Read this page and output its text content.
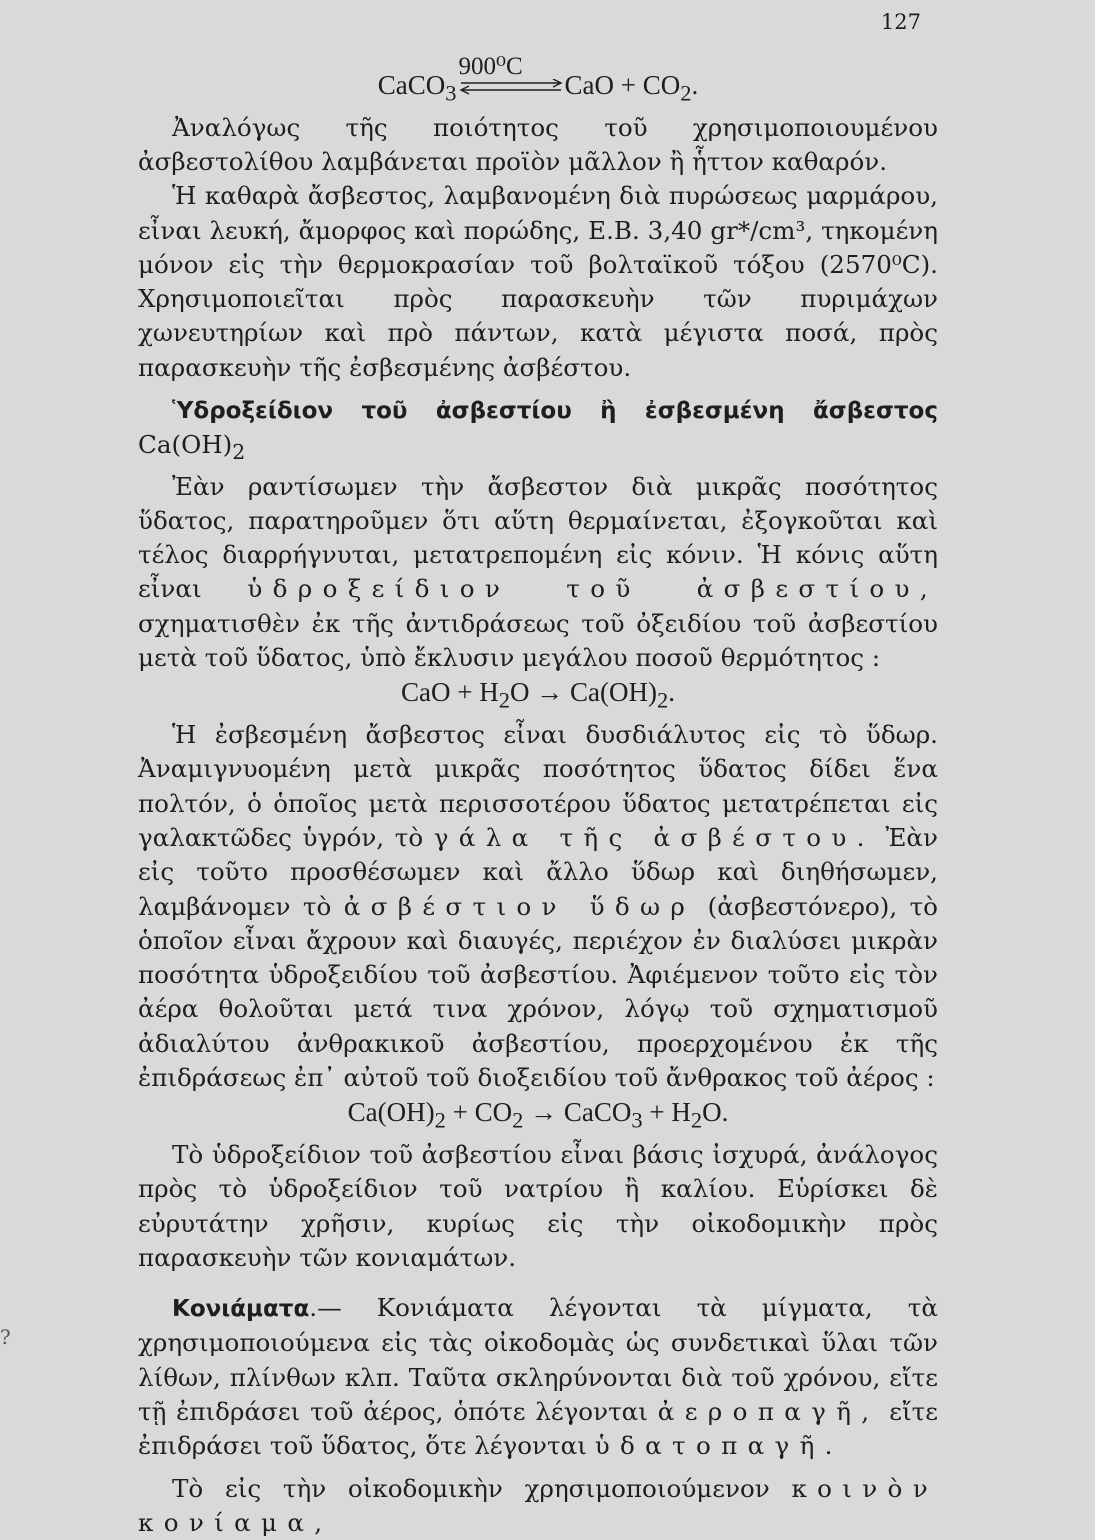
127
?

CaCO$_3$
900⁰C
CaO + $CO_2$.

Ἀναλόγως τῆς ποιότητος τοῦ χρησιμοποιουμένου ἀσβεστολίθου λαμβάνεται προϊὸν μᾶλλον ἢ ἧττον καθαρόν.

Ἡ καθαρὰ ἄσβεστος, λαμβανομένη διὰ πυρώσεως μαρμάρου, εἶναι λευκή, ἄμορφος καὶ πορώδης, Ε.Β. 3,40 gr*/cm³, τηκομένη μόνον εἰς τὴν θερμοκρασίαν τοῦ βολταϊκοῦ τόξου (2570⁰C). Χρησιμοποιεῖται πρὸς παρασκευὴν τῶν πυριμάχων χωνευτηρίων καὶ πρὸ πάντων, κατὰ μέγιστα ποσά, πρὸς παρασκευὴν τῆς ἐσβεσμένης ἀσβέστου.

Ὑδροξείδιον τοῦ ἀσβεστίου ἢ ἐσβεσμένη ἄσβεστος $Ca(OH)_2$

Ἐὰν ραντίσωμεν τὴν ἄσβεστον διὰ μικρᾶς ποσότητος ὕδατος, παρατηροῦμεν ὅτι αὕτη θερμαίνεται, ἐξογκοῦται καὶ τέλος διαρρήγνυται, μετατρεπομένη εἰς κόνιν. Ἡ κόνις αὕτη εἶναι ὑδροξείδιον τοῦ ἀσβεστίου, σχηματισθὲν ἐκ τῆς ἀντιδράσεως τοῦ ὀξειδίου τοῦ ἀσβεστίου μετὰ τοῦ ὕδατος, ὑπὸ ἔκλυσιν μεγάλου ποσοῦ θερμότητος :

CaO + $H_2O \to Ca(OH)_2$.

Ἡ ἐσβεσμένη ἄσβεστος εἶναι δυσδιάλυτος εἰς τὸ ὕδωρ. Ἀναμιγνυομένη μετὰ μικρᾶς ποσότητος ὕδατος δίδει ἕνα πολτόν, ὁ ὁποῖος μετὰ περισσοτέρου ὕδατος μετατρέπεται εἰς γαλακτῶδες ὑγρόν, τὸ γάλα τῆς ἀσβέστου. Ἐὰν εἰς τοῦτο προσθέσωμεν καὶ ἄλλο ὕδωρ καὶ διηθήσωμεν, λαμβάνομεν τὸ ἀσβέστιον ὕδωρ (ἀσβεστόνερο), τὸ ὁποῖον εἶναι ἄχρουν καὶ διαυγές, περιέχον ἐν διαλύσει μικρὰν ποσότητα ὑδροξειδίου τοῦ ἀσβεστίου. Ἀφιέμενον τοῦτο εἰς τὸν ἀέρα θολοῦται μετά τινα χρόνον, λόγῳ τοῦ σχηματισμοῦ ἀδιαλύτου ἀνθρακικοῦ ἀσβεστίου, προερχομένου ἐκ τῆς ἐπιδράσεως ἐπ᾽ αὐτοῦ τοῦ διοξειδίου τοῦ ἄνθρακος τοῦ ἀέρος :

$Ca(OH)_2 + CO_2$ → CaCO$_3$ + $H_2O$.

Τὸ ὑδροξείδιον τοῦ ἀσβεστίου εἶναι βάσις ἰσχυρά, ἀνάλογος πρὸς τὸ ὑδροξείδιον τοῦ νατρίου ἢ καλίου. Εὑρίσκει δὲ εὐρυτάτην χρῆσιν, κυρίως εἰς τὴν οἰκοδομικὴν πρὸς παρασκευὴν τῶν κονιαμάτων.

Κονιάματα.— Κονιάματα λέγονται τὰ μίγματα, τὰ χρησιμοποιούμενα εἰς τὰς οἰκοδομὰς ὡς συνδετικαὶ ὕλαι τῶν λίθων, πλίνθων κλπ. Ταῦτα σκληρύνονται διὰ τοῦ χρόνου, εἴτε τῇ ἐπιδράσει τοῦ ἀέρος, ὁπότε λέγονται ἀεροπαγῆ, εἴτε ἐπιδράσει τοῦ ὕδατος, ὅτε λέγονται ὑδατοπαγῆ.

Τὸ εἰς τὴν οἰκοδομικὴν χρησιμοποιούμενον κοινὸν κονίαμα,
